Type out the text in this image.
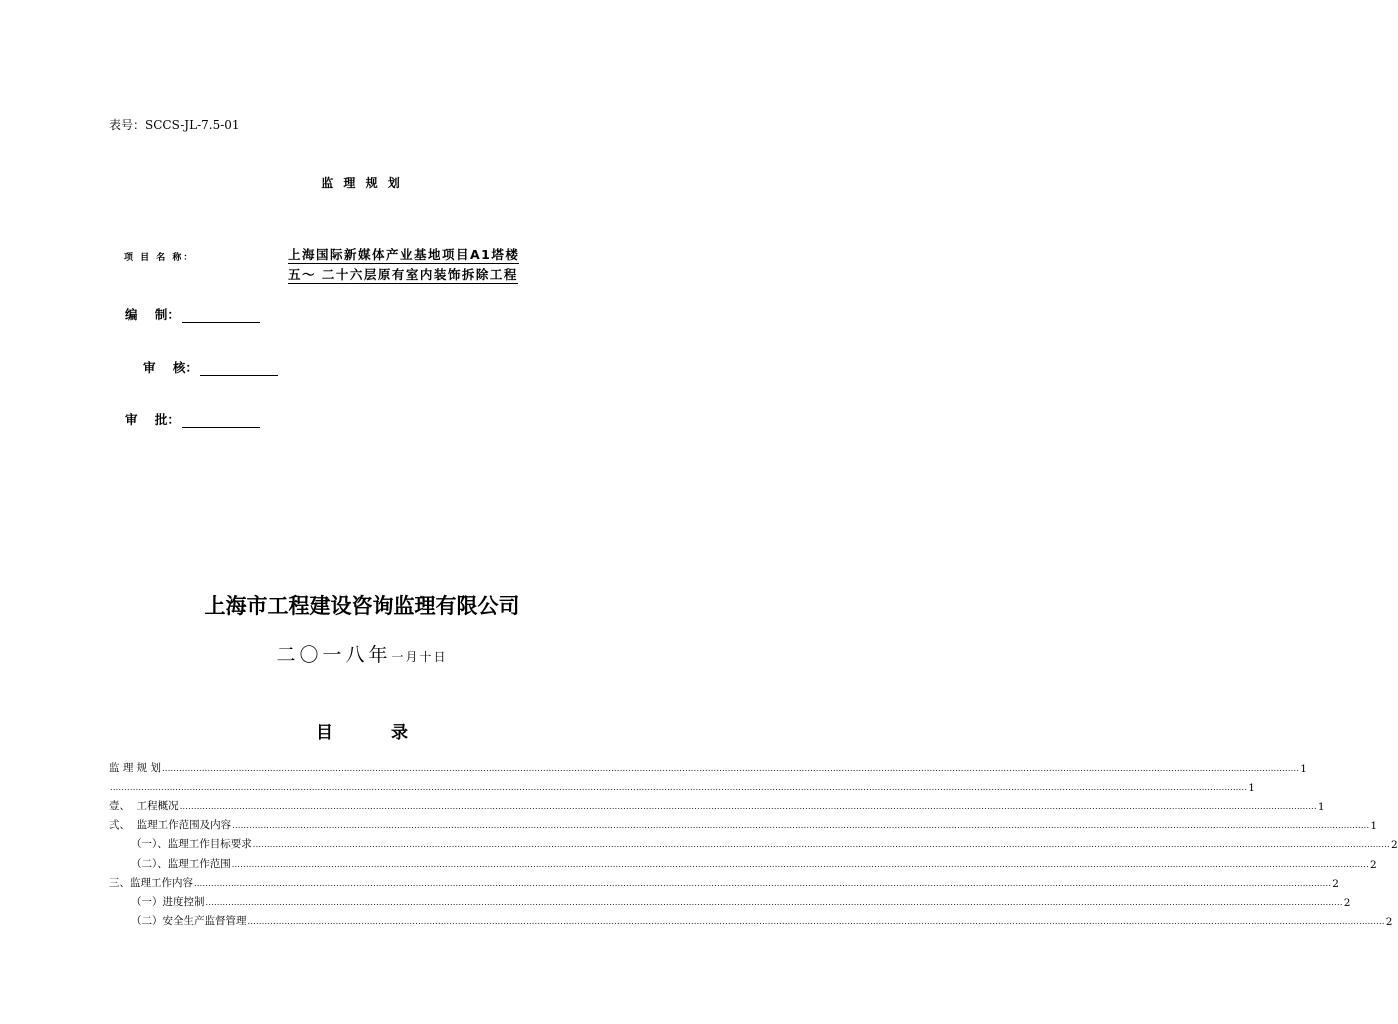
表号：SCCS-JL-7.5-01
监 理 规 划
项 目 名 称：	上海国际新媒体产业基地项目A1塔楼
五～ 二十六层原有室内装饰拆除工程
编    制：
审    核：
审    批：
上海市工程建设咨询监理有限公司
二〇一八年一月十日
目 录
监 理 规 划 ................................................................................................................................................................................................................................................................................................................................................................................................................ 1
................................................................................................................................................................................................................................................................................................................................................................................................................ 1
壹、  工程概况 ................................................................................................................................................................................................................................................................................................................................................................................................................ 1
弍、  监理工作范围及内容 ................................................................................................................................................................................................................................................................................................................................................................................................................ 1
（一）、监理工作目标要求 ................................................................................................................................................................................................................................................................................................................................................................................................................ 2
（二）、监理工作范围 ................................................................................................................................................................................................................................................................................................................................................................................................................ 2
三、监理工作内容 ................................................................................................................................................................................................................................................................................................................................................................................................................ 2
（一）进度控制 ................................................................................................................................................................................................................................................................................................................................................................................................................ 2
（二）安全生产监督管理 ................................................................................................................................................................................................................................................................................................................................................................................................................ 2
